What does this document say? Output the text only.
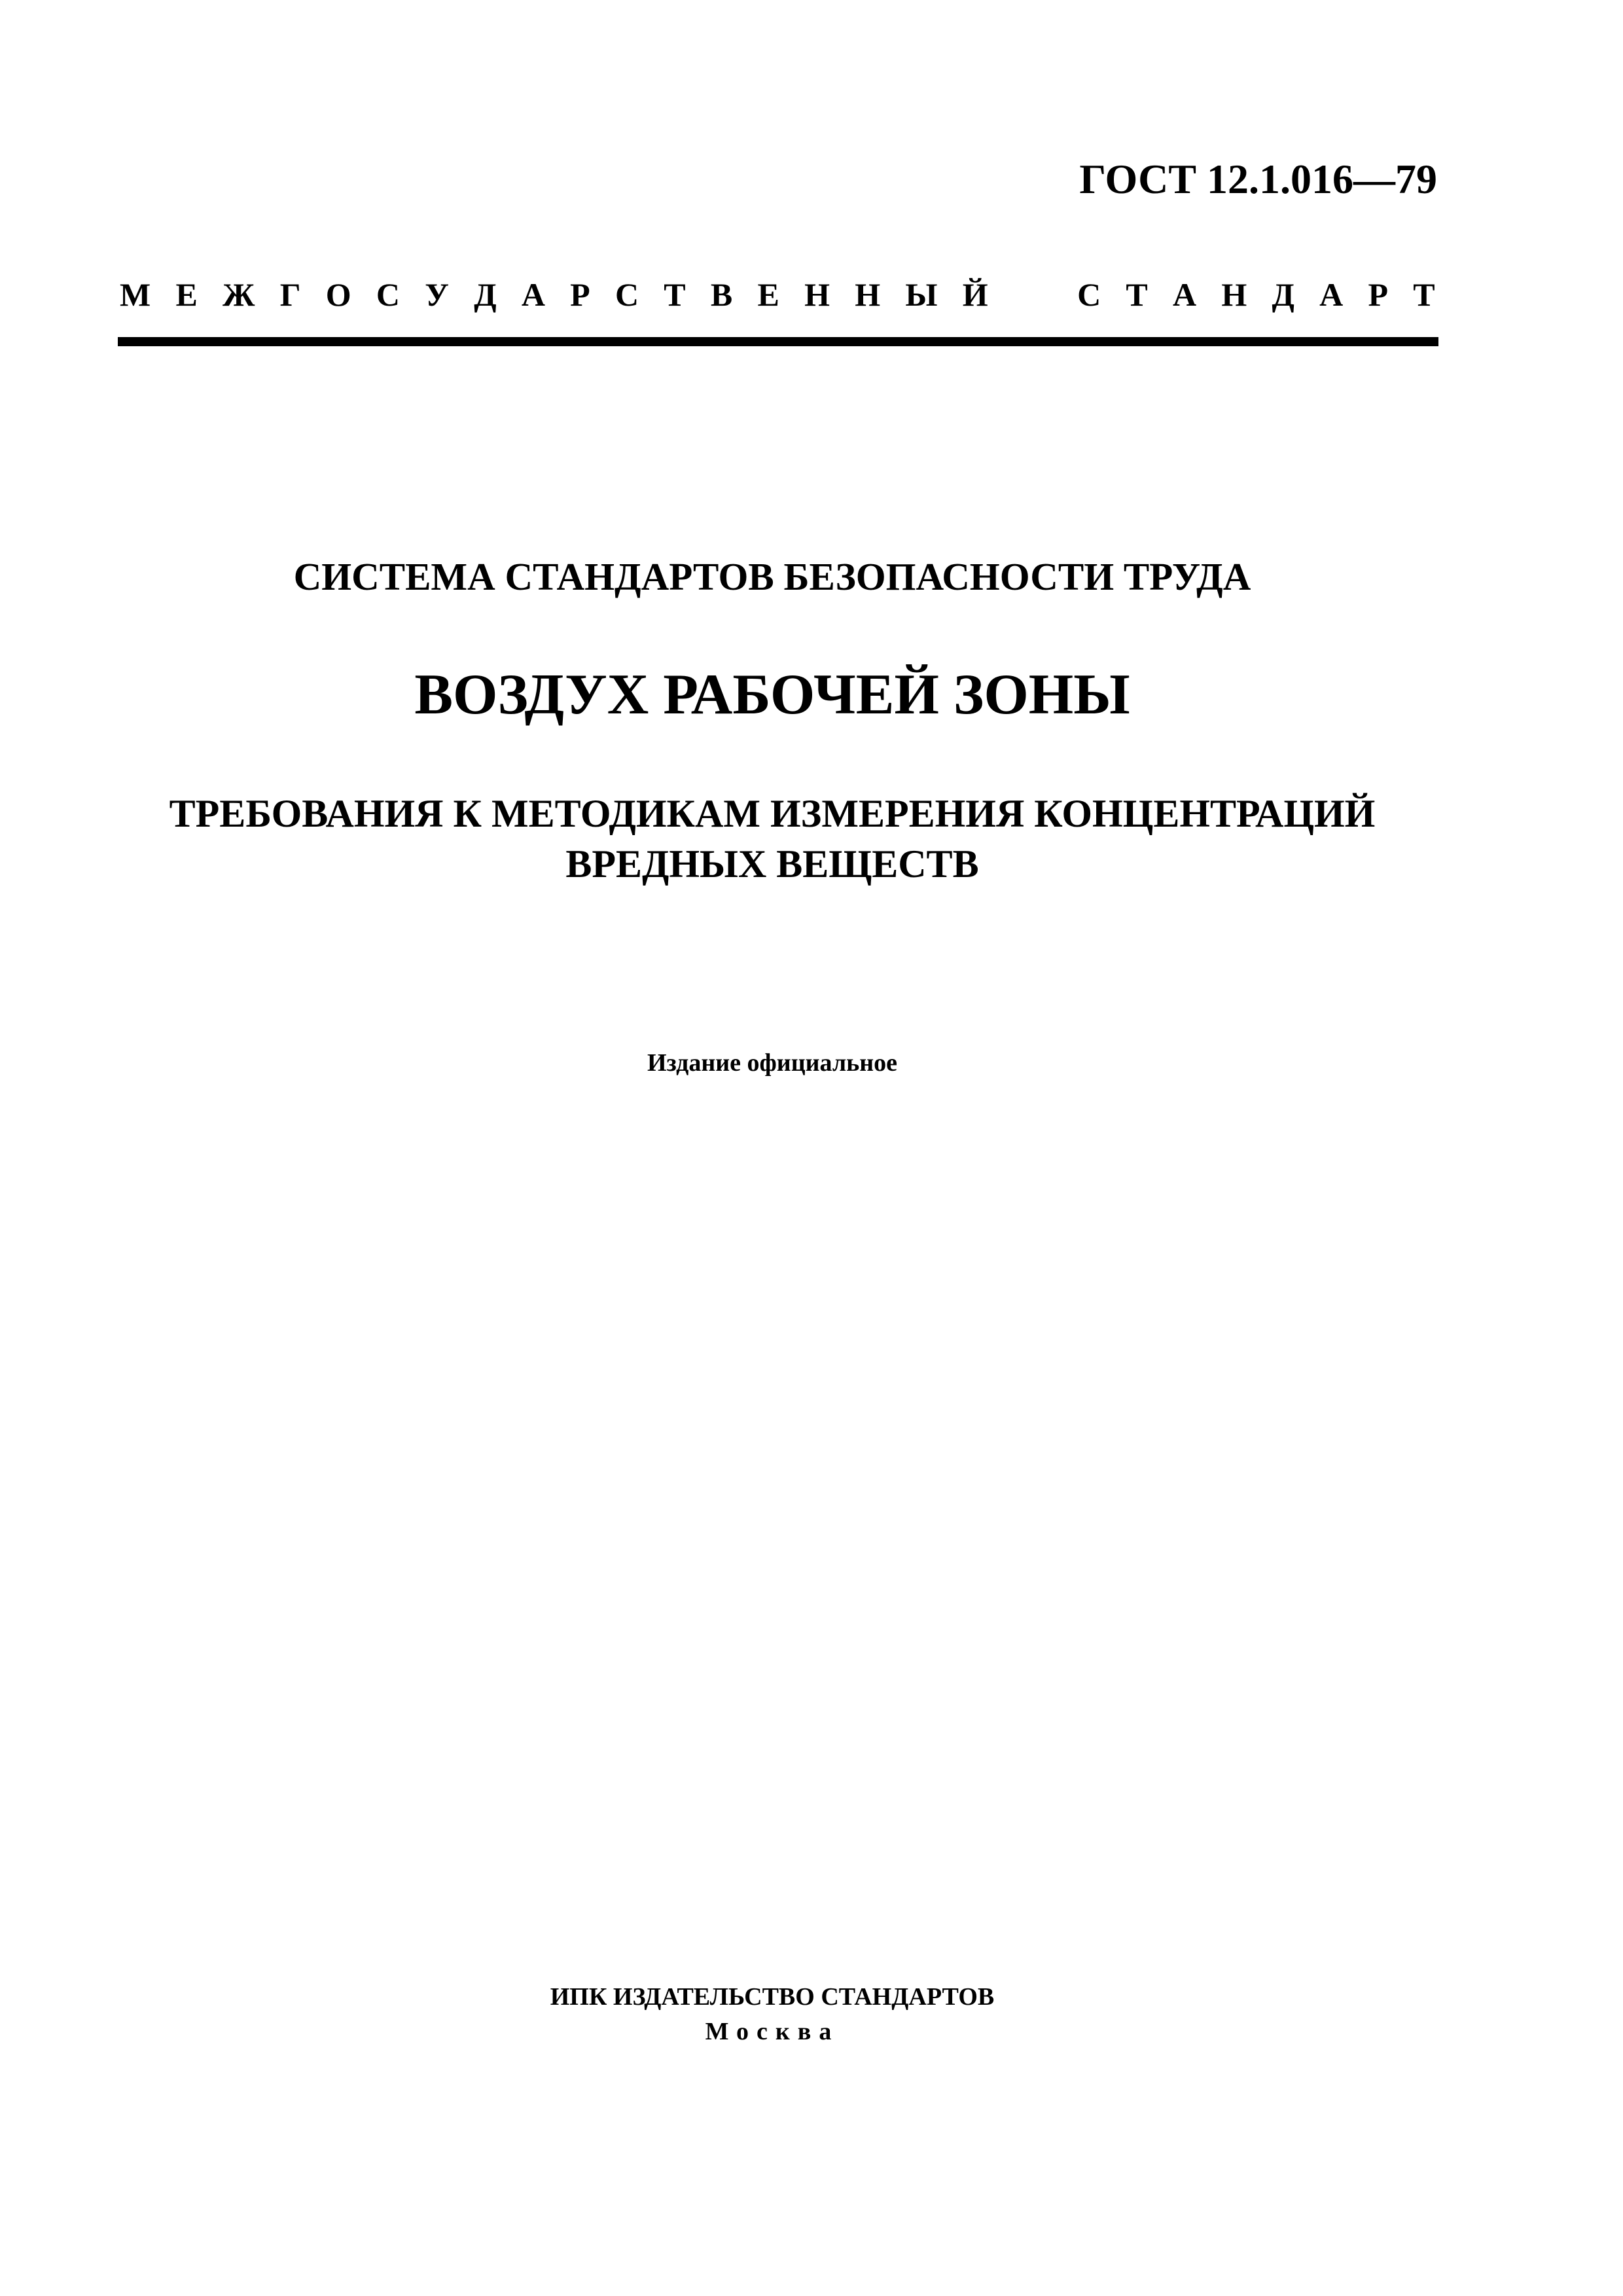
ГОСТ 12.1.016—79
М Е Ж Г О С У Д А Р С Т В Е Н Н Ы Й
	С Т А Н Д А Р Т
СИСТЕМА СТАНДАРТОВ БЕЗОПАСНОСТИ ТРУДА
ВОЗДУХ РАБОЧЕЙ ЗОНЫ
ТРЕБОВАНИЯ К МЕТОДИКАМ ИЗМЕРЕНИЯ КОНЦЕНТРАЦИЙ
ВРЕДНЫХ ВЕЩЕСТВ
Издание официальное
ИПК ИЗДАТЕЛЬСТВО СТАНДАРТОВ
Москва
